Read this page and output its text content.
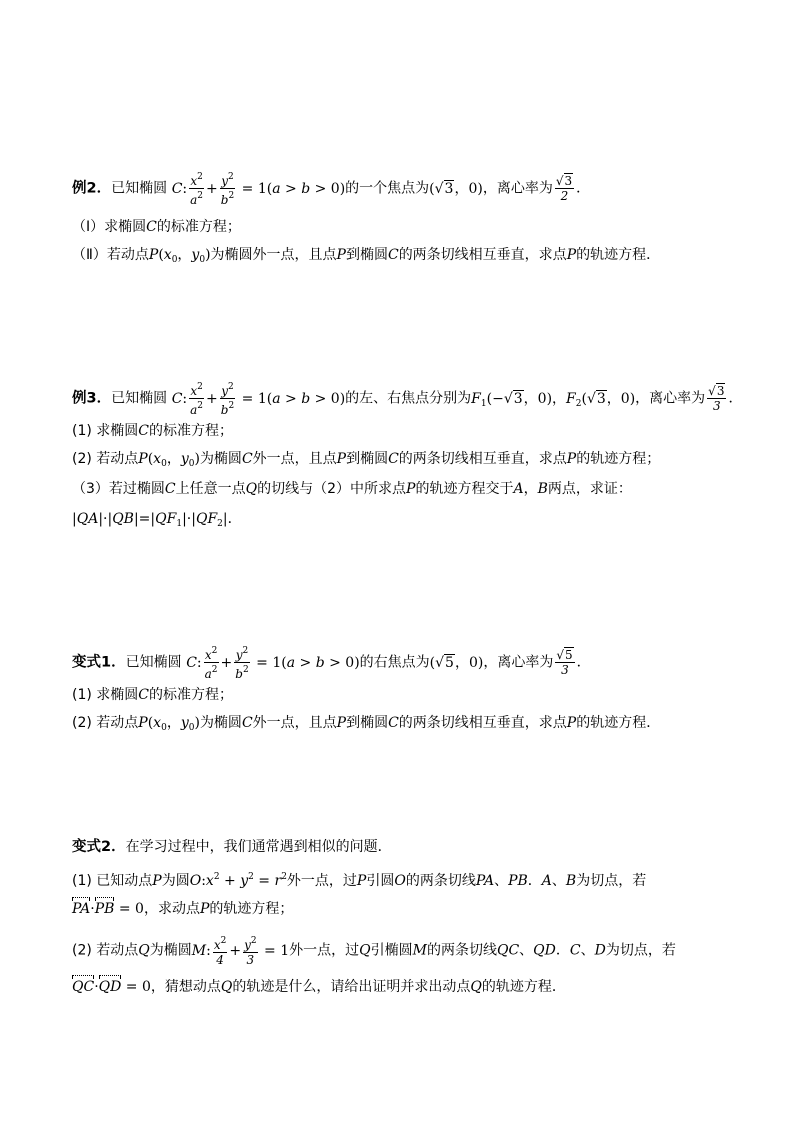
例2．已知椭圆 C: $\frac{x^2}{a^2} + \frac{y^2}{b^2} = 1(a > b > 0)$的一个焦点为(√3，0)，离心率为 $\frac{√3}{2}$ ．
（Ⅰ）求椭圆C的标准方程；
（Ⅱ）若动点$P(x_0$，$y_0$)为椭圆外一点，且点P到椭圆C的两条切线相互垂直，求点P的轨迹方程．
例3．已知椭圆 C: $\frac{x^2}{a^2} + \frac{y^2}{b^2} = 1(a > b > 0)$的左、右焦点分别为$F_1(-√3$，0)，$F_2(√3$，0)，离心率为 $\frac{√3}{3}$ ．
(1) 求椭圆C的标准方程；
(2) 若动点$P(x_0$，$y_0$)为椭圆C外一点，且点P到椭圆C的两条切线相互垂直，求点P的轨迹方程；
（3）若过椭圆C上任意一点Q的切线与（2）中所求点P的轨迹方程交于A，B两点，求证：
$|QA|\cdot|QB|=|QF_1|\cdot|QF_2|$．
变式1．已知椭圆 C: $\frac{x^2}{a^2} + \frac{y^2}{b^2} = 1(a > b > 0)$的右焦点为(√5，0)，离心率为 $\frac{√5}{3}$ ．
(1) 求椭圆C的标准方程；
(2) 若动点$P(x_0$，$y_0$)为椭圆C外一点，且点P到椭圆C的两条切线相互垂直，求点P的轨迹方程．
变式2．在学习过程中，我们通常遇到相似的问题．
(1) 已知动点P为圆$O:x^2 + y^2 = r^2$外一点，过P引圆O的两条切线PA、PB．A、B为切点，若
PA·PB = 0，求动点P的轨迹方程；
(2) 若动点Q为椭圆M: $\frac{x^2}{4} + \frac{y^2}{3} = 1$外一点，过Q引椭圆M的两条切线QC、QD．C、D为切点，若
QC·QD = 0，猜想动点Q的轨迹是什么，请给出证明并求出动点Q的轨迹方程．
